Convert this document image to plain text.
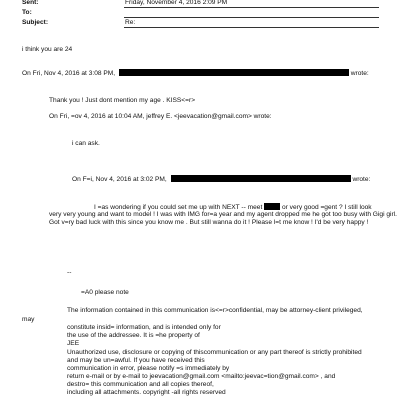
Sent:	Friday, November 4, 2016 2:09 PM
To:
Subject:	Re:
i think you are 24
On Fri, Nov 4, 2016 at 3:08 PM,	wrote:
Thank you ! Just dont mention my age . KISS<=r>
On Fri, =ov 4, 2016 at 10:04 AM, jeffrey E. <jeevacation@gmail.com> wrote:
i can ask.
On F=i, Nov 4, 2016 at 3:02 PM,	wrote:
I =as wondering if you could set me up with NEXT -- meet	or very good =gent ? I still look
very very young and want to model ! I was with IMG for=a year and my agent dropped me he got too busy with Gigi girl.
Got v=ry bad luck with this since you know me . But still wanna do it ! Please l=t me know ! I'd be very happy !
--
=A0 please note
The information contained in this communication is<=r>confidential, may be attorney-client privileged,
may
constitute insid= information, and is intended only for
the use of the addressee. It is =he property of
JEE
Unauthorized use, disclosure or copying of thiscommunication or any part thereof is strictly prohibited
and may be un=awful. If you have received this
communication in error, please notify =s immediately by
return e-mail or by e-mail to jeevacation@gmail.com <mailto:jeevac=tion@gmail.com> , and
destro= this communication and all copies thereof,
including all attachments. copyright -all rights reserved
